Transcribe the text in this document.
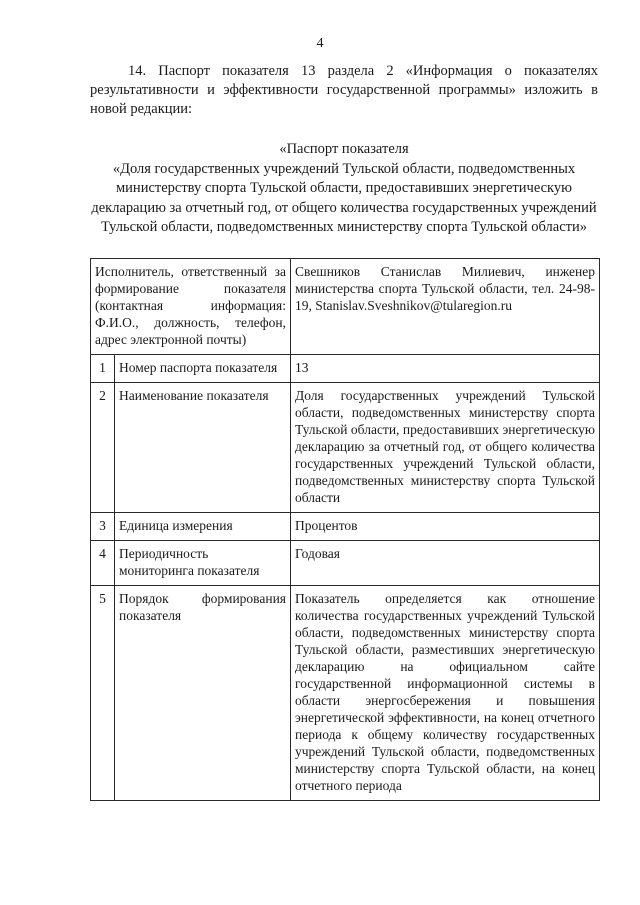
4
14. Паспорт показателя 13 раздела 2 «Информация о показателях результативности и эффективности государственной программы» изложить в новой редакции:
«Паспорт показателя
«Доля государственных учреждений Тульской области, подведомственных министерству спорта Тульской области, предоставивших энергетическую декларацию за отчетный год, от общего количества государственных учреждений Тульской области, подведомственных министерству спорта Тульской области»
Исполнитель, ответственный за формирование показателя (контактная информация: Ф.И.О., должность, телефон, адрес электронной почты)		Свешников Станислав Милиевич, инженер министерства спорта Тульской области, тел. 24-98-19, Stanislav.Sveshnikov@tularegion.ru
1	Номер паспорта показателя	13
2	Наименование показателя	Доля государственных учреждений Тульской области, подведомственных министерству спорта Тульской области, предоставивших энергетическую декларацию за отчетный год, от общего количества государственных учреждений Тульской области, подведомственных министерству спорта Тульской области
3	Единица измерения	Процентов
4	Периодичность мониторинга показателя	Годовая
5	Порядок формирования показателя	Показатель определяется как отношение количества государственных учреждений Тульской области, подведомственных министерству спорта Тульской области, разместивших энергетическую декларацию на официальном сайте государственной информационной системы в области энергосбережения и повышения энергетической эффективности, на конец отчетного периода к общему количеству государственных учреждений Тульской области, подведомственных министерству спорта Тульской области, на конец отчетного периода
